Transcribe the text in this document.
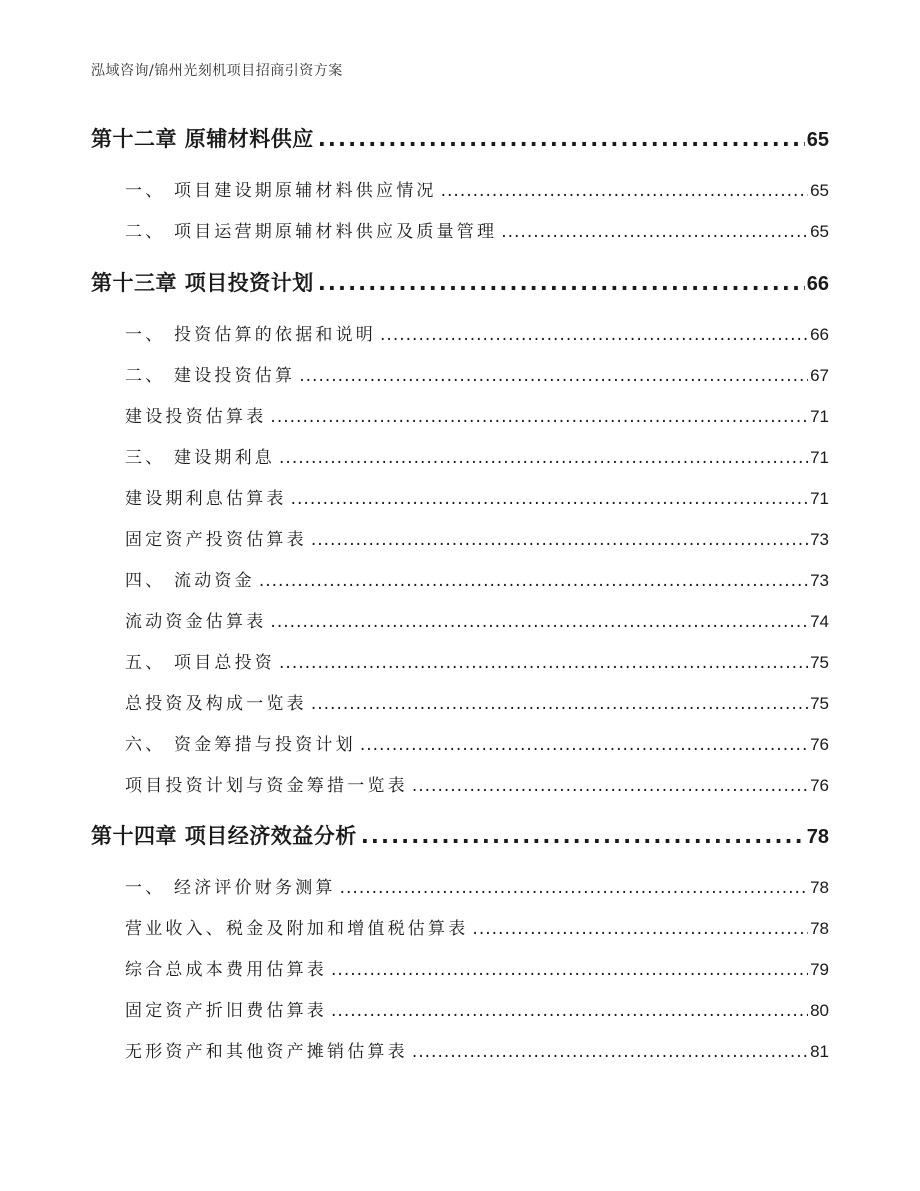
泓域咨询/锦州光刻机项目招商引资方案
第十二章 原辅材料供应 . . .	65
一、 项目建设期原辅材料供应情况 . . .	65
二、 项目运营期原辅材料供应及质量管理 . . .	65
第十三章 项目投资计划 . . .	66
一、 投资估算的依据和说明 . . .	66
二、 建设投资估算 . . .	67
建设投资估算表 . . .	71
三、 建设期利息 . . .	71
建设期利息估算表 . . .	71
固定资产投资估算表 . . .	73
四、 流动资金 . . .	73
流动资金估算表 . . .	74
五、 项目总投资 . . .	75
总投资及构成一览表 . . .	75
六、 资金筹措与投资计划 . . .	76
项目投资计划与资金筹措一览表 . . .	76
第十四章 项目经济效益分析 . . .	78
一、 经济评价财务测算 . . .	78
营业收入、税金及附加和增值税估算表 . . .	78
综合总成本费用估算表 . . .	79
固定资产折旧费估算表 . . .	80
无形资产和其他资产摊销估算表 . . .	81
